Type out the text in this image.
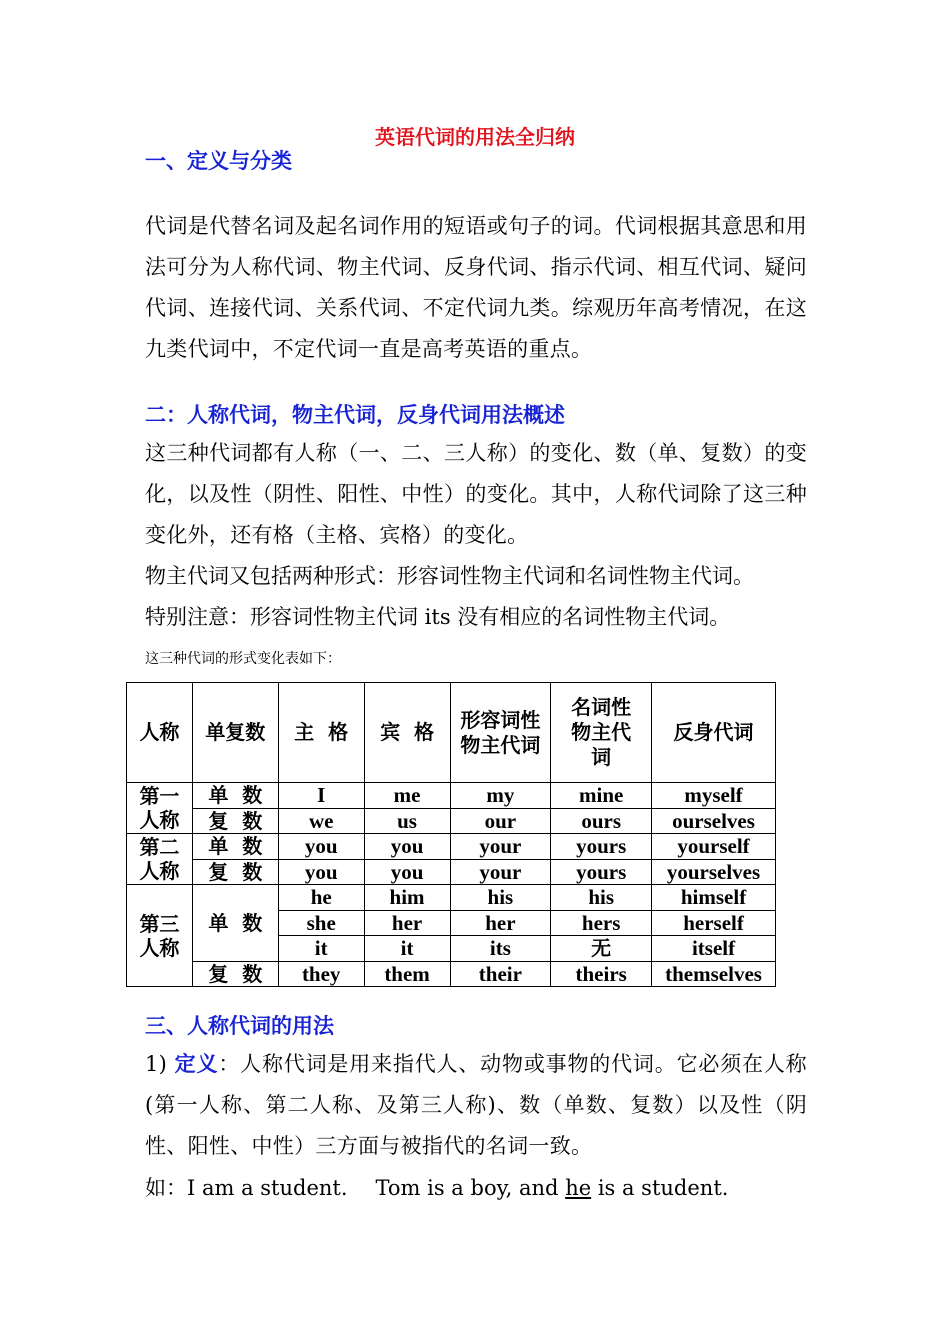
英语代词的用法全归纳
一、定义与分类
代词是代替名词及起名词作用的短语或句子的词。代词根据其意思和用法可分为人称代词、物主代词、反身代词、指示代词、相互代词、疑问代词、连接代词、关系代词、不定代词九类。综观历年高考情况，在这九类代词中，不定代词一直是高考英语的重点。
二：人称代词，物主代词，反身代词用法概述
这三种代词都有人称（一、二、三人称）的变化、数（单、复数）的变化，以及性（阴性、阳性、中性）的变化。其中，人称代词除了这三种变化外，还有格（主格、宾格）的变化。
物主代词又包括两种形式：形容词性物主代词和名词性物主代词。
特别注意：形容词性物主代词 its 没有相应的名词性物主代词。
这三种代词的形式变化表如下：
人称	单复数	主  格	宾  格	形容词性物主代词	名词性物主代词	反身代词
第一人称	单  数	I	me	my	mine	myself
	复  数	we	us	our	ours	ourselves
第二人称	单  数	you	you	your	yours	yourself
	复  数	you	you	your	yours	yourselves
第三人称	单  数	he	him	his	his	himself
		she	her	her	hers	herself
		it	it	its	无	itself
	复  数	they	them	their	theirs	themselves
三、人称代词的用法
1) 定义：人称代词是用来指代人、动物或事物的代词。它必须在人称(第一人称、第二人称、及第三人称)、数（单数、复数）以及性（阴性、阳性、中性）三方面与被指代的名词一致。
如：I am a student. Tom is a boy, and he is a student.
